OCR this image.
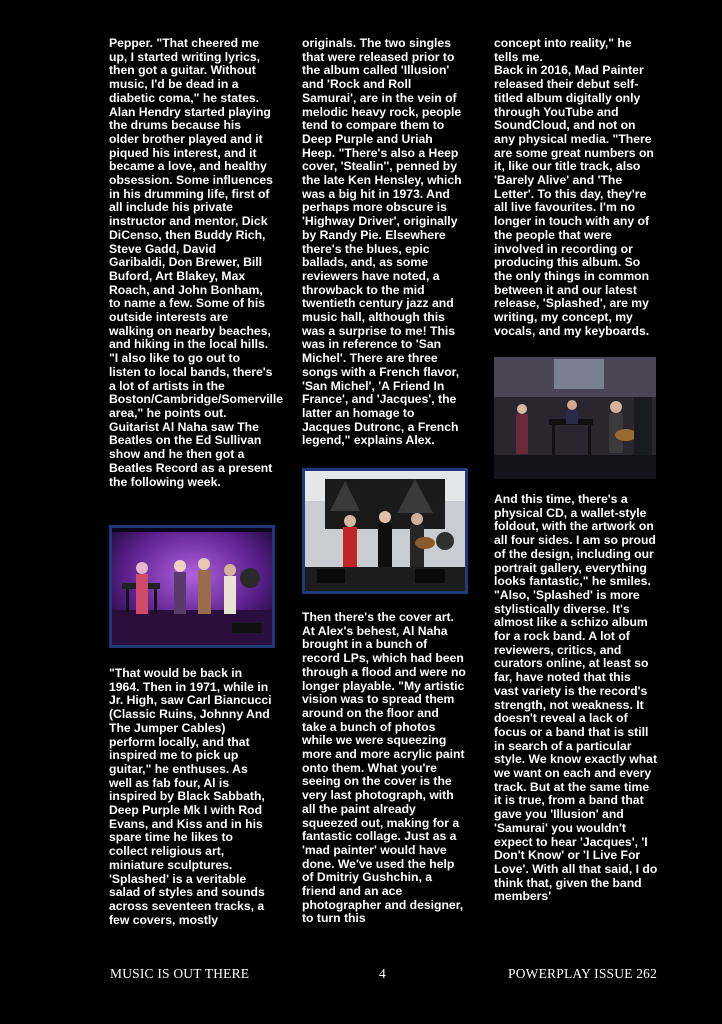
Pepper. "That cheered me up, I started writing lyrics, then got a guitar. Without music, I'd be dead in a diabetic coma," he states.
Alan Hendry started playing the drums because his older brother played and it piqued his interest, and it became a love, and healthy obsession. Some influences in his drumming life, first of all include his private instructor and mentor, Dick DiCenso, then Buddy Rich, Steve Gadd, David Garibaldi, Don Brewer, Bill Buford, Art Blakey, Max Roach, and John Bonham, to name a few. Some of his outside interests are walking on nearby beaches, and hiking in the local hills.
"I also like to go out to listen to local bands, there's a lot of artists in the Boston/Cambridge/Somerville area," he points out.
Guitarist Al Naha saw The Beatles on the Ed Sullivan show and he then got a Beatles Record as a present the following week.

"That would be back in 1964. Then in 1971, while in Jr. High, saw Carl Biancucci (Classic Ruins, Johnny And The Jumper Cables) perform locally, and that inspired me to pick up guitar," he enthuses. As well as fab four, Al is inspired by Black Sabbath, Deep Purple Mk I with Rod Evans, and Kiss and in his spare time he likes to collect religious art, miniature sculptures.
'Splashed' is a veritable salad of styles and sounds across seventeen tracks, a few covers, mostly

originals. The two singles that were released prior to the album called 'Illusion' and 'Rock and Roll Samurai', are in the vein of melodic heavy rock, people tend to compare them to Deep Purple and Uriah Heep. "There's also a Heep cover, 'Stealin'', penned by the late Ken Hensley, which was a big hit in 1973. And perhaps more obscure is 'Highway Driver', originally by Randy Pie. Elsewhere there's the blues, epic ballads, and, as some reviewers have noted, a throwback to the mid twentieth century jazz and music hall, although this was a surprise to me! This was in reference to 'San Michel'. There are three songs with a French flavor, 'San Michel', 'A Friend In France', and 'Jacques', the latter an homage to Jacques Dutronc, a French legend," explains Alex.

Then there's the cover art. At Alex's behest, Al Naha brought in a bunch of record LPs, which had been through a flood and were no longer playable. "My artistic vision was to spread them around on the floor and take a bunch of photos while we were squeezing more and more acrylic paint onto them. What you're seeing on the cover is the very last photograph, with all the paint already squeezed out, making for a fantastic collage. Just as a 'mad painter' would have done. We've used the help of Dmitriy Gushchin, a friend and an ace photographer and designer, to turn this

concept into reality," he tells me.
Back in 2016, Mad Painter released their debut self-titled album digitally only through YouTube and SoundCloud, and not on any physical media. "There are some great numbers on it, like our title track, also 'Barely Alive' and 'The Letter'. To this day, they're all live favourites. I'm no longer in touch with any of the people that were involved in recording or producing this album. So the only things in common between it and our latest release, 'Splashed', are my writing, my concept, my vocals, and my keyboards.

And this time, there's a physical CD, a wallet-style foldout, with the artwork on all four sides. I am so proud of the design, including our portrait gallery, everything looks fantastic," he smiles. "Also, 'Splashed' is more stylistically diverse. It's almost like a schizo album for a rock band. A lot of reviewers, critics, and curators online, at least so far, have noted that this vast variety is the record's strength, not weakness. It doesn't reveal a lack of focus or a band that is still in search of a particular style. We know exactly what we want on each and every track. But at the same time it is true, from a band that gave you 'Illusion' and 'Samurai' you wouldn't expect to hear 'Jacques', 'I Don't Know' or 'I Live For Love'. With all that said, I do think that, given the band members'

MUSIC IS OUT THERE	4	POWERPLAY ISSUE 262
